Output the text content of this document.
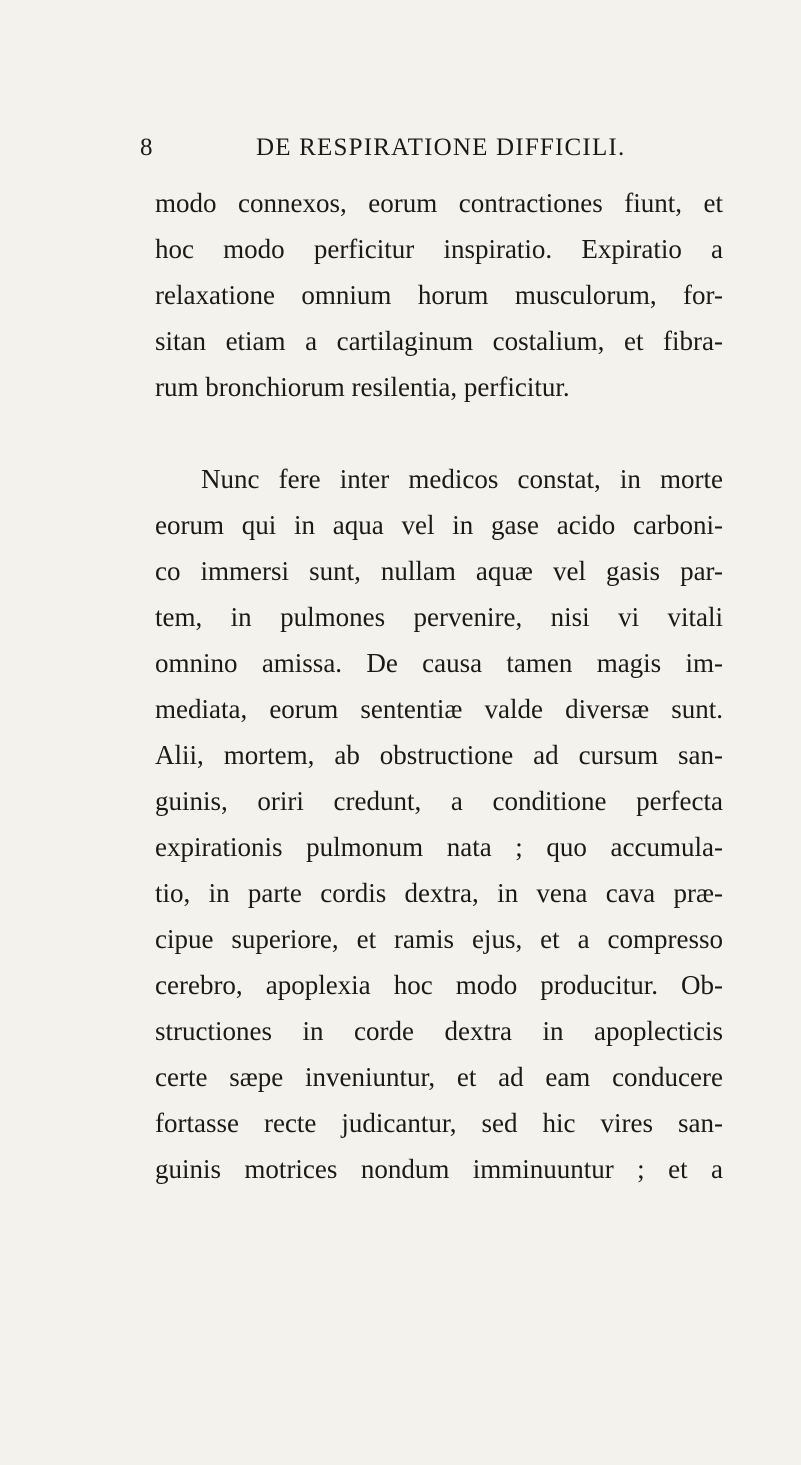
8	DE RESPIRATIONE DIFFICILI.
modo connexos, eorum contractiones fiunt, et
hoc modo perficitur inspiratio. Expiratio a
relaxatione omnium horum musculorum, for-
sitan etiam a cartilaginum costalium, et fibra-
rum bronchiorum resilentia, perficitur.
Nunc fere inter medicos constat, in morte
eorum qui in aqua vel in gase acido carboni-
co immersi sunt, nullam aquæ vel gasis par-
tem, in pulmones pervenire, nisi vi vitali
omnino amissa. De causa tamen magis im-
mediata, eorum sententiæ valde diversæ sunt.
Alii, mortem, ab obstructione ad cursum san-
guinis, oriri credunt, a conditione perfecta
expirationis pulmonum nata ; quo accumula-
tio, in parte cordis dextra, in vena cava præ-
cipue superiore, et ramis ejus, et a compresso
cerebro, apoplexia hoc modo producitur. Ob-
structiones in corde dextra in apoplecticis
certe sæpe inveniuntur, et ad eam conducere
fortasse recte judicantur, sed hic vires san-
guinis motrices nondum imminuuntur ; et a
